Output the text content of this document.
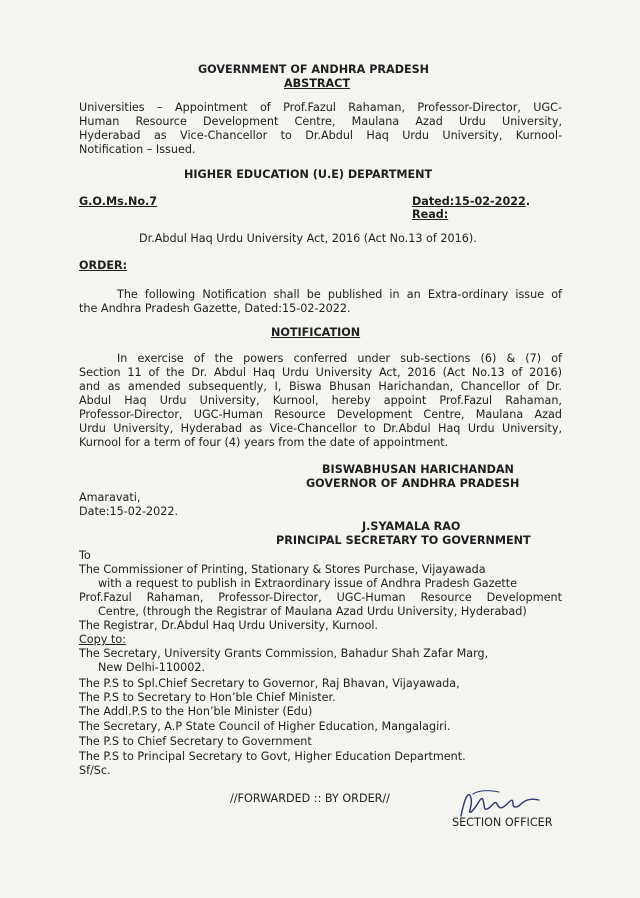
GOVERNMENT OF ANDHRA PRADESH
ABSTRACT
Universities – Appointment of Prof.Fazul Rahaman, Professor-Director, UGC-
Human Resource Development Centre, Maulana Azad Urdu University,
Hyderabad as Vice-Chancellor to Dr.Abdul Haq Urdu University, Kurnool-
Notification – Issued.
HIGHER EDUCATION (U.E) DEPARTMENT
G.O.Ms.No.7	Dated:15-02-2022.
Read:
Dr.Abdul Haq Urdu University Act, 2016 (Act No.13 of 2016).
ORDER:
The following Notification shall be published in an Extra-ordinary issue of
the Andhra Pradesh Gazette, Dated:15-02-2022.
NOTIFICATION
In exercise of the powers conferred under sub-sections (6) & (7) of
Section 11 of the Dr. Abdul Haq Urdu University Act, 2016 (Act No.13 of 2016)
and as amended subsequently, I, Biswa Bhusan Harichandan, Chancellor of Dr.
Abdul Haq Urdu University, Kurnool, hereby appoint Prof.Fazul Rahaman,
Professor-Director, UGC-Human Resource Development Centre, Maulana Azad
Urdu University, Hyderabad as Vice-Chancellor to Dr.Abdul Haq Urdu University,
Kurnool for a term of four (4) years from the date of appointment.
BISWABHUSAN HARICHANDAN
GOVERNOR OF ANDHRA PRADESH
Amaravati,
Date:15-02-2022.
J.SYAMALA RAO
PRINCIPAL SECRETARY TO GOVERNMENT
To
The Commissioner of Printing, Stationary & Stores Purchase, Vijayawada
with a request to publish in Extraordinary issue of Andhra Pradesh Gazette
Prof.Fazul Rahaman, Professor-Director, UGC-Human Resource Development
Centre, (through the Registrar of Maulana Azad Urdu University, Hyderabad)
The Registrar, Dr.Abdul Haq Urdu University, Kurnool.
Copy to:
The Secretary, University Grants Commission, Bahadur Shah Zafar Marg,
New Delhi-110002.
The P.S to Spl.Chief Secretary to Governor, Raj Bhavan, Vijayawada,
The P.S to Secretary to Hon’ble Chief Minister.
The Addl.P.S to the Hon’ble Minister (Edu)
The Secretary, A.P State Council of Higher Education, Mangalagiri.
The P.S to Chief Secretary to Government
The P.S to Principal Secretary to Govt, Higher Education Department.
Sf/Sc.
//FORWARDED :: BY ORDER//
SECTION OFFICER
